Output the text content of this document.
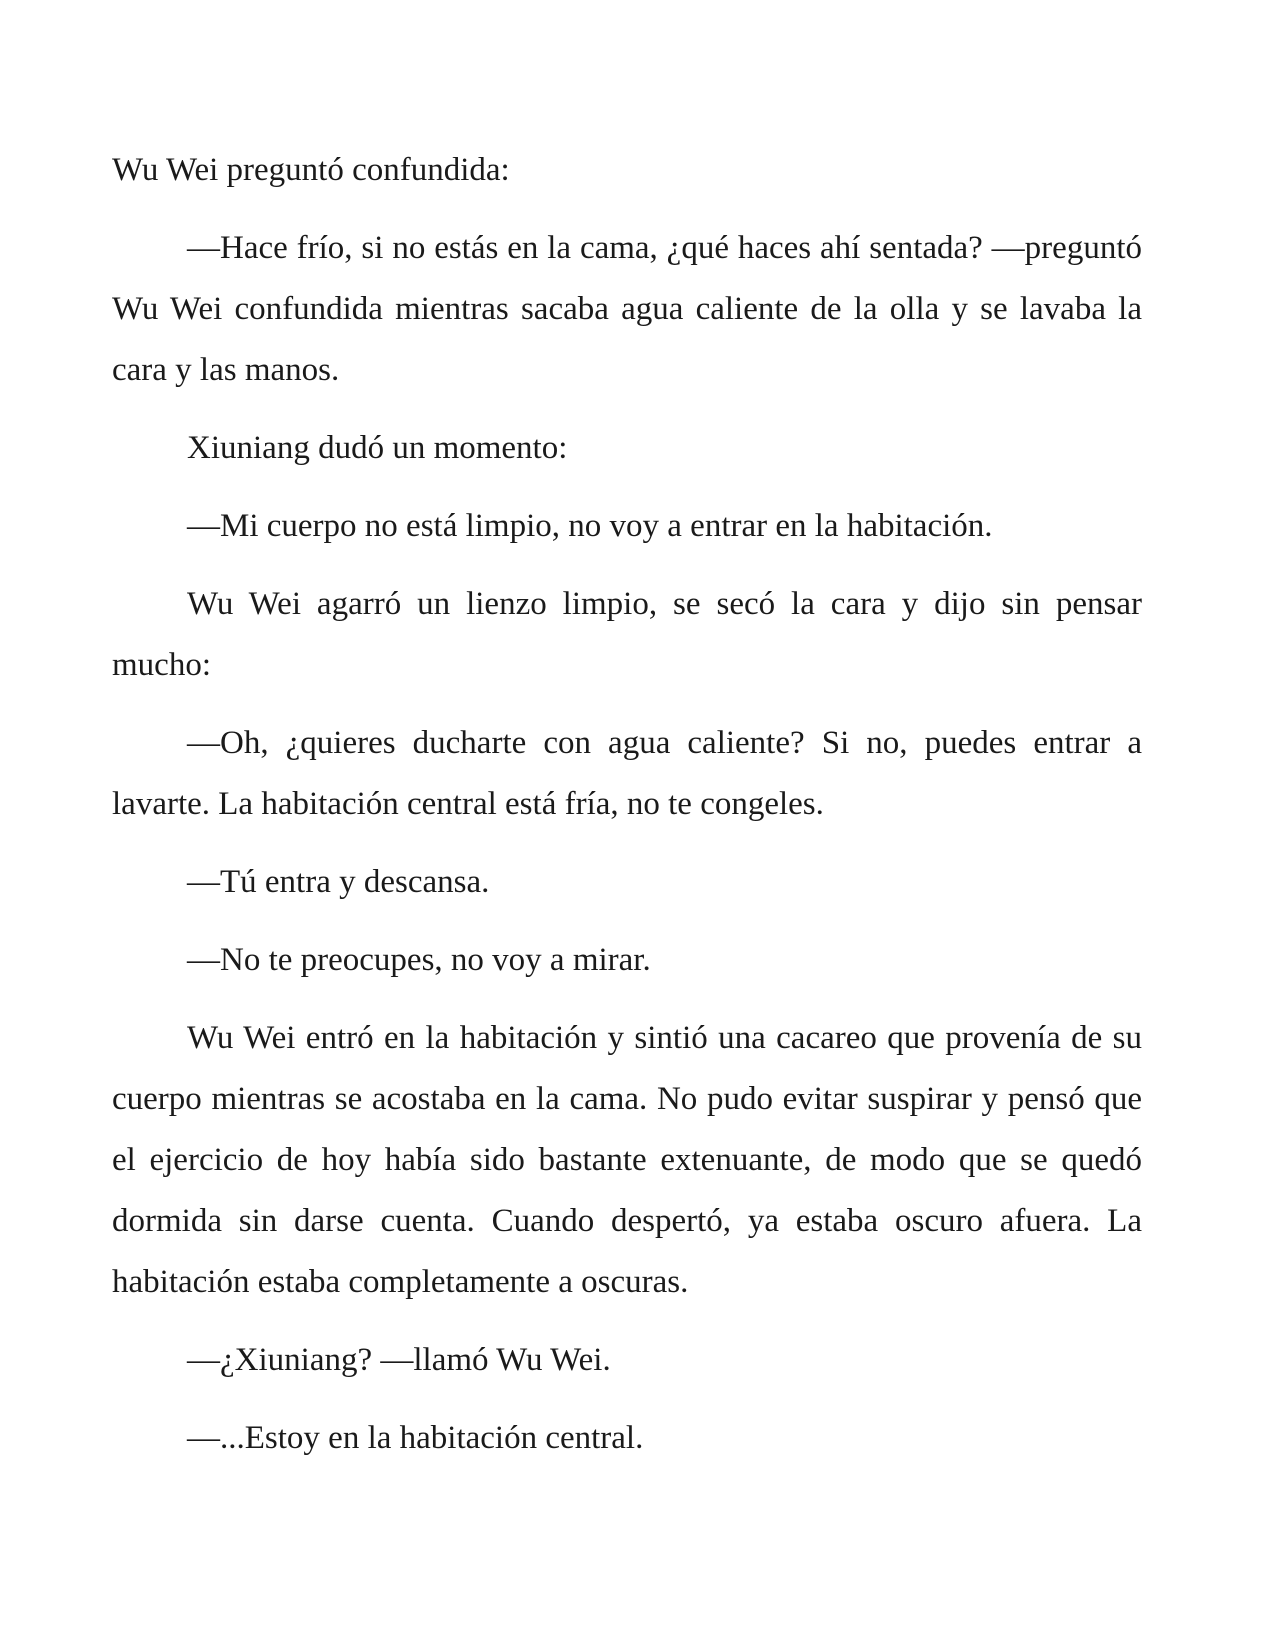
Wu Wei preguntó confundida:

—Hace frío, si no estás en la cama, ¿qué haces ahí sentada? —preguntó Wu Wei confundida mientras sacaba agua caliente de la olla y se lavaba la cara y las manos.

Xiuniang dudó un momento:

—Mi cuerpo no está limpio, no voy a entrar en la habitación.

Wu Wei agarró un lienzo limpio, se secó la cara y dijo sin pensar mucho:

—Oh, ¿quieres ducharte con agua caliente? Si no, puedes entrar a lavarte. La habitación central está fría, no te congeles.

—Tú entra y descansa.

—No te preocupes, no voy a mirar.

Wu Wei entró en la habitación y sintió una cacareo que provenía de su cuerpo mientras se acostaba en la cama. No pudo evitar suspirar y pensó que el ejercicio de hoy había sido bastante extenuante, de modo que se quedó dormida sin darse cuenta. Cuando despertó, ya estaba oscuro afuera. La habitación estaba completamente a oscuras.

—¿Xiuniang? —llamó Wu Wei.

—...Estoy en la habitación central.
